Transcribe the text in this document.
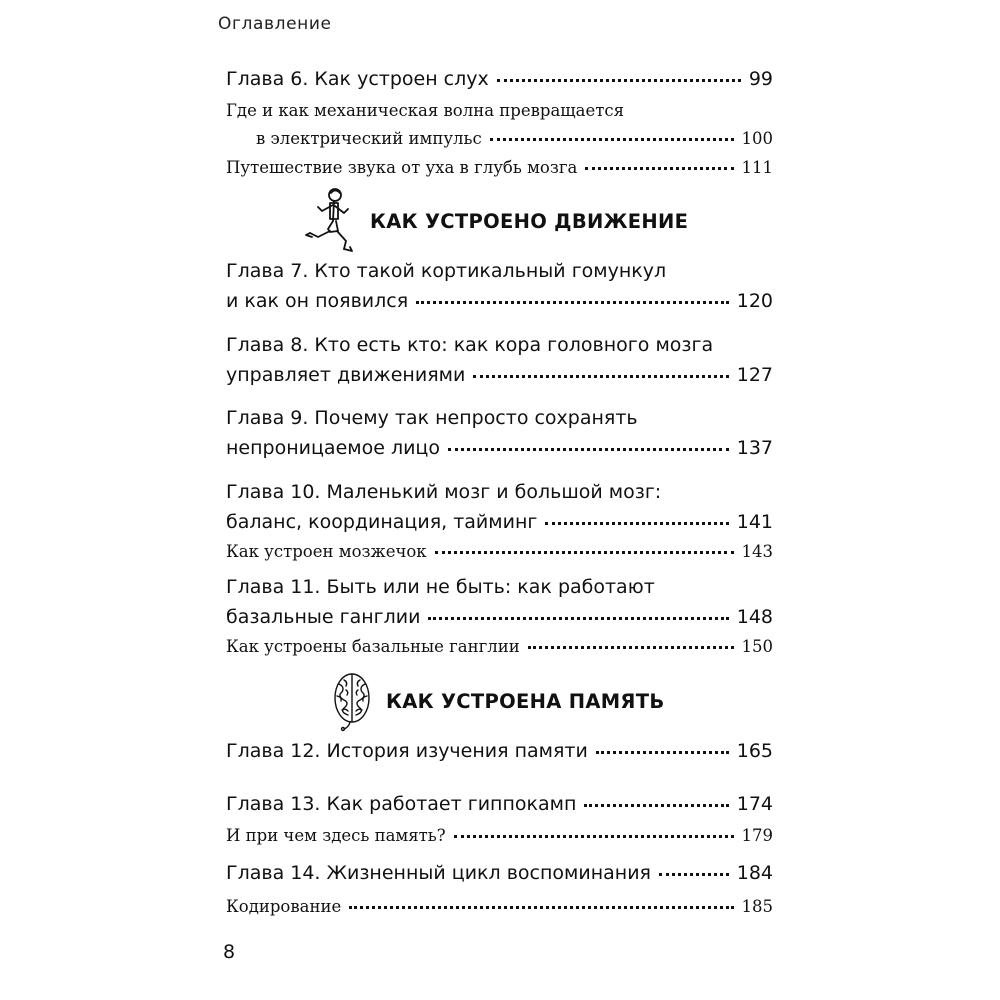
Оглавление
Глава 6. Как устроен слух	99
Где и как механическая волна превращается
в электрический импульс	100
Путешествие звука от уха в глубь мозга	111
КАК УСТРОЕНО ДВИЖЕНИЕ
Глава 7. Кто такой кортикальный гомункул
и как он появился	120
Глава 8. Кто есть кто: как кора головного мозга
управляет движениями	127
Глава 9. Почему так непросто сохранять
непроницаемое лицо	137
Глава 10. Маленький мозг и большой мозг:
баланс, координация, тайминг	141
Как устроен мозжечок	143
Глава 11. Быть или не быть: как работают
базальные ганглии	148
Как устроены базальные ганглии	150
КАК УСТРОЕНА ПАМЯТЬ
Глава 12. История изучения памяти	165
Глава 13. Как работает гиппокамп	174
И при чем здесь память?	179
Глава 14. Жизненный цикл воспоминания	184
Кодирование	185
8
